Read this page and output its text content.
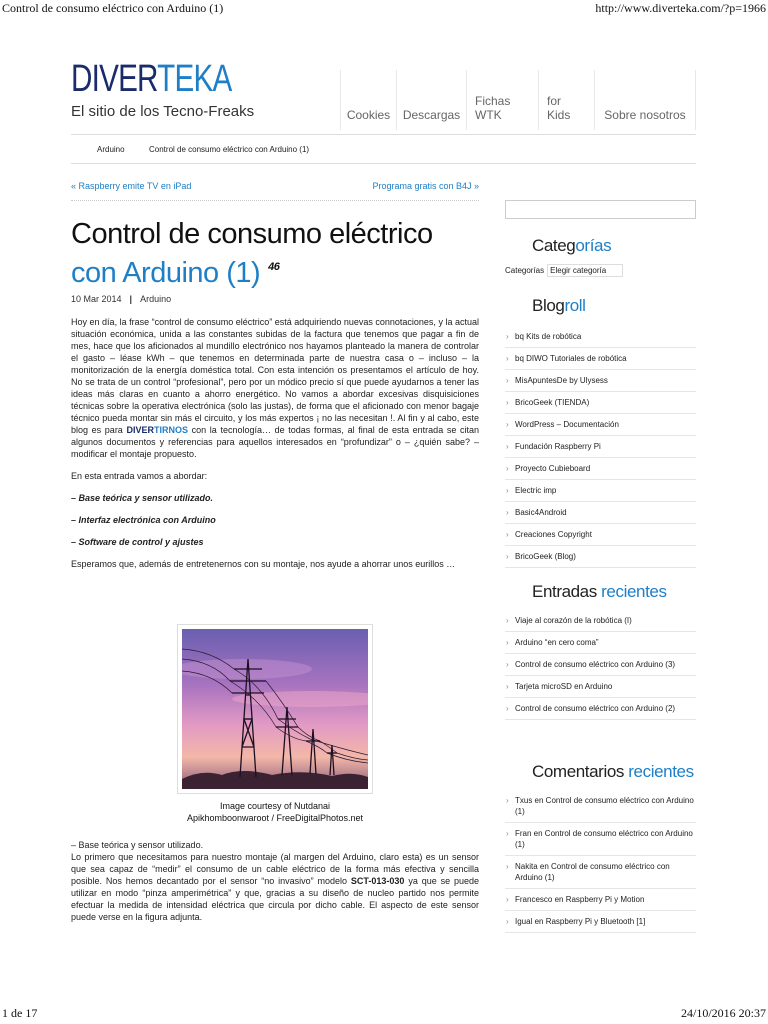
Control de consumo eléctrico con Arduino (1)	http://www.diverteka.com/?p=1966
DIVERTEKA
El sitio de los Tecno-Freaks	Cookies	Descargas
Fichas WTK
for Kids	Sobre nosotros
Arduino	Control de consumo eléctrico con Arduino (1)
« Raspberry emite TV en iPad	Programa gratis con B4J »
Control de consumo eléctrico con Arduino (1) $^{46}$
10 Mar 2014 | Arduino

Hoy en día, la frase “control de consumo eléctrico” está adquiriendo nuevas connotaciones, y la actual situación económica, unida a las constantes subidas de la factura que tenemos que pagar a fin de mes, hace que los aficionados al mundillo electrónico nos hayamos planteado la manera de controlar el gasto – léase kWh – que tenemos en determinada parte de nuestra casa o – incluso – la monitorización de la energía doméstica total. Con esta intención os presentamos el artículo de hoy. No se trata de un control “profesional”, pero por un módico precio sí que puede ayudarnos a tener las ideas más claras en cuanto a ahorro energético. No vamos a abordar excesivas disquisiciones técnicas sobre la operativa electrónica (solo las justas), de forma que el aficionado con menor bagaje técnico pueda montar sin más el circuito, y los más expertos ¡ no las necesitan !. Al fin y al cabo, este blog es para DIVERTIRNOS con la tecnología… de todas formas, al final de esta entrada se citan algunos documentos y referencias para aquellos interesados en “profundizar” o – ¿quién sabe? – modificar el montaje propuesto.

En esta entrada vamos a abordar:

– Base teórica y sensor utilizado.

– Interfaz electrónica con Arduino

– Software de control y ajustes

Esperamos que, además de entretenernos con su montaje, nos ayude a ahorrar unos eurillos …

Image courtesy of Nutdanai
Apikhomboonwaroot / FreeDigitalPhotos.net

– Base teórica y sensor utilizado.

Lo primero que necesitamos para nuestro montaje (al margen del Arduino, claro esta) es un sensor que sea capaz de “medir” el consumo de un cable eléctrico de la forma más efectiva y sencilla posible. Nos hemos decantado por el sensor “no invasivo” modelo SCT-013-030 ya que se puede utilizar en modo “pinza amperimétrica” y que, gracias a su diseño de nucleo partido nos permite efectuar la medida de intensidad eléctrica que circula por dicho cable. El aspecto de este sensor puede verse en la figura adjunta.

Categorías
Categorías Elegir categoría
Blogroll
› bq Kits de robótica
› bq DIWO Tutoriales de robótica
› MisApuntesDe by Ulysess
› BricoGeek (TIENDA)
› WordPress – Documentación
› Fundación Raspberry Pi
› Proyecto Cubieboard
› Electric imp
› Basic4Android
› Creaciones Copyright
› BricoGeek (Blog)
Entradas recientes
› Viaje al corazón de la robótica (I)
› Arduino “en cero coma”
› Control de consumo eléctrico con Arduino (3)
› Tarjeta microSD en Arduino
› Control de consumo eléctrico con Arduino (2)
Comentarios recientes
› Txus en Control de consumo eléctrico con Arduino (1)
› Fran en Control de consumo eléctrico con Arduino (1)
› Nakita en Control de consumo eléctrico con Arduino (1)
› Francesco en Raspberry Pi y Motion
› Igual en Raspberry Pi y Bluetooth [1]
1 de 17	24/10/2016 20:37
